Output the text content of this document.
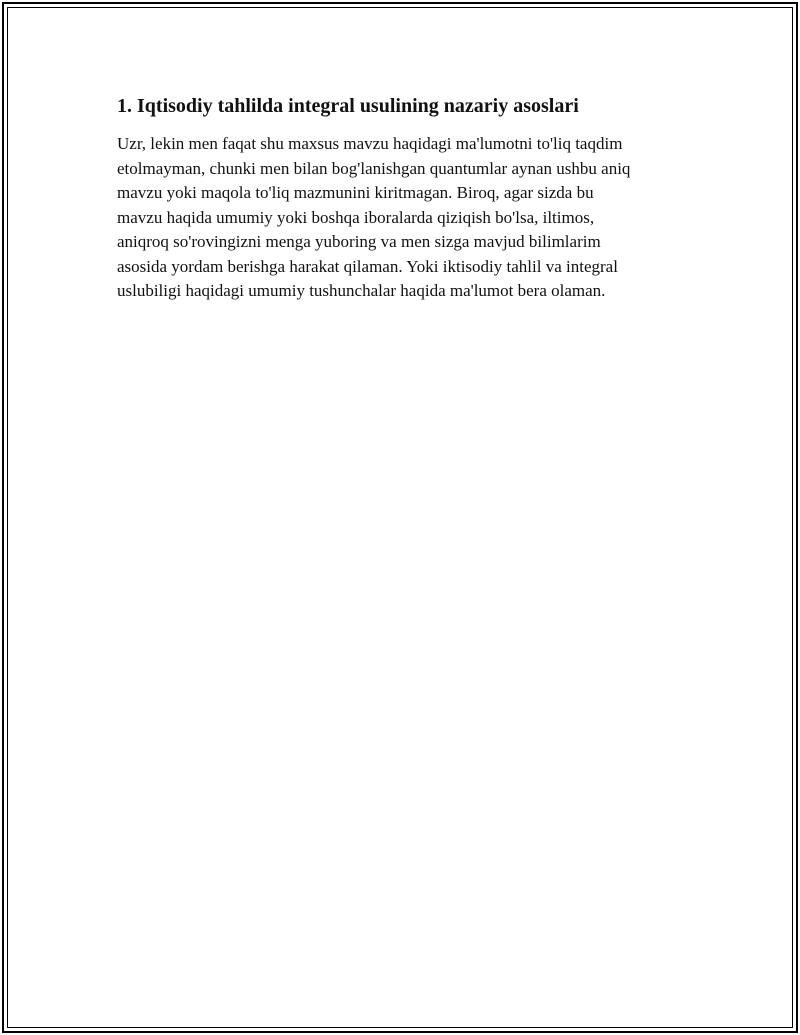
1. Iqtisodiy tahlilda integral usulining nazariy asoslari

Uzr, lekin men faqat shu maxsus mavzu haqidagi ma'lumotni to'liq taqdim
etolmayman, chunki men bilan bog'lanishgan quantumlar aynan ushbu aniq
mavzu yoki maqola to'liq mazmunini kiritmagan. Biroq, agar sizda bu
mavzu haqida umumiy yoki boshqa iboralarda qiziqish bo'lsa, iltimos,
aniqroq so'rovingizni menga yuboring va men sizga mavjud bilimlarim
asosida yordam berishga harakat qilaman. Yoki iktisodiy tahlil va integral
uslubiligi haqidagi umumiy tushunchalar haqida ma'lumot bera olaman.
